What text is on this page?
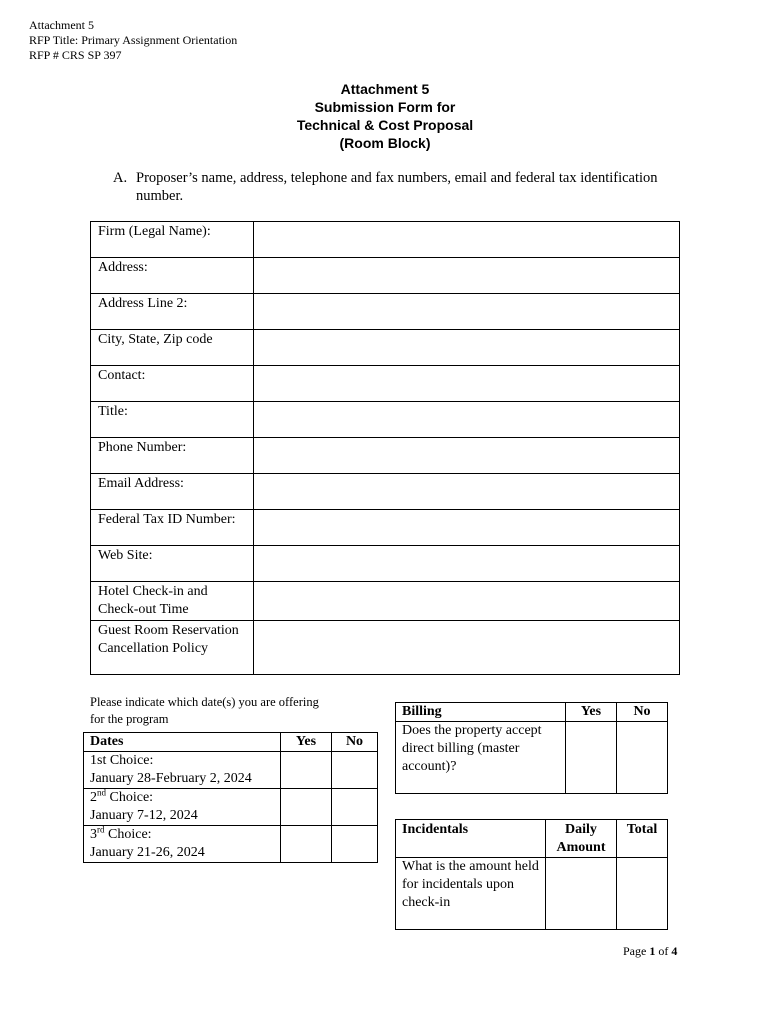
Attachment 5
RFP Title: Primary Assignment Orientation
RFP # CRS SP 397
Attachment 5
Submission Form for
Technical & Cost Proposal
(Room Block)
A. Proposer’s name, address, telephone and fax numbers, email and federal tax identification number.
Firm (Legal Name):	
Address:	
Address Line 2:	
City, State, Zip code	
Contact:	
Title:	
Phone Number:	
Email Address:	
Federal Tax ID Number:	
Web Site:	
Hotel Check-in and Check-out Time	
Guest Room Reservation Cancellation Policy	
Please indicate which date(s) you are offering for the program
Dates	Yes	No

1st Choice:
January 28-February 2, 2024		

2nd Choice:
January 7-12, 2024		

3rd Choice:
January 21-26, 2024		

Billing	Yes	No
Does the property accept direct billing (master account)?		
Incidentals	Daily Amount	Total
What is the amount held for incidentals upon check-in		
Page 1 of 4
